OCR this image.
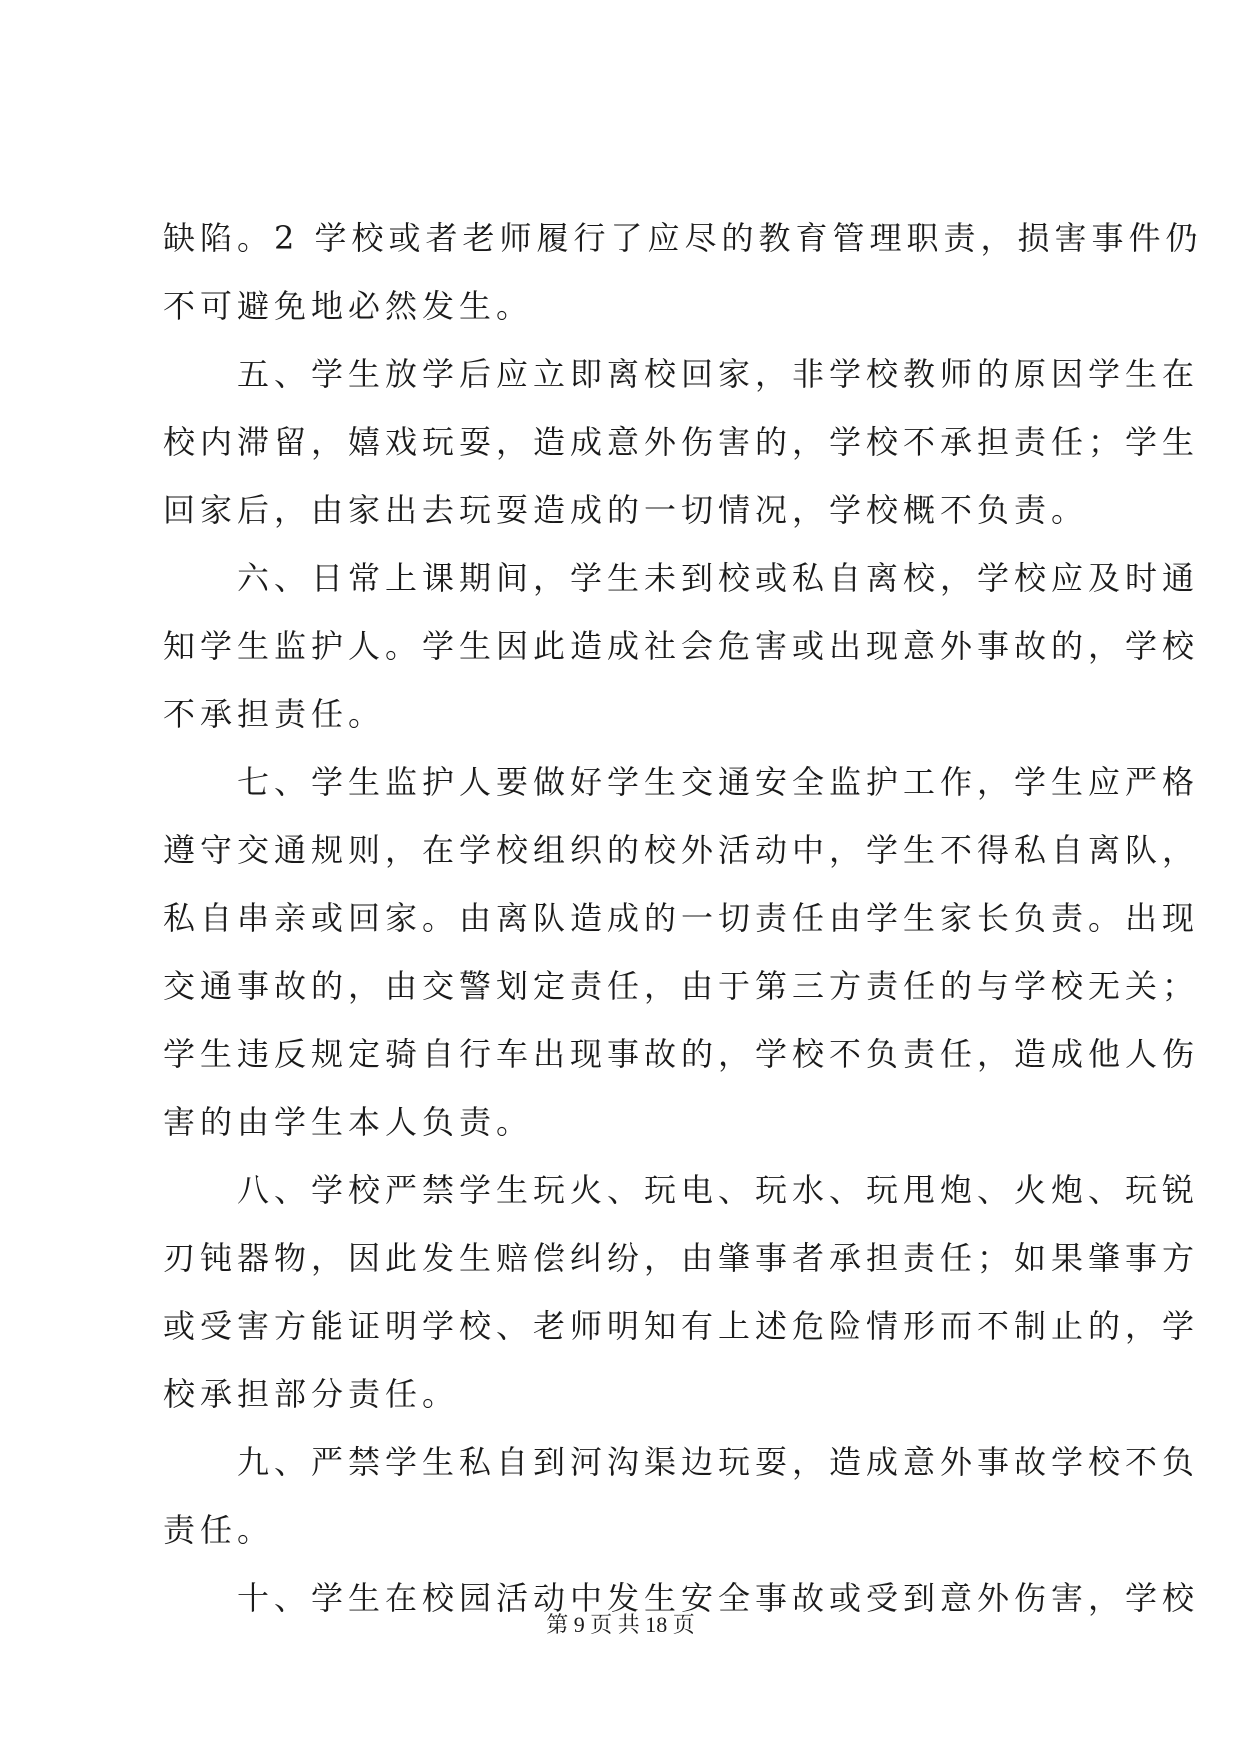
缺陷。2 学校或者老师履行了应尽的教育管理职责，损害事件仍
不可避免地必然发生。
　　五、学生放学后应立即离校回家，非学校教师的原因学生在
校内滞留，嬉戏玩耍，造成意外伤害的，学校不承担责任；学生
回家后，由家出去玩耍造成的一切情况，学校概不负责。
　　六、日常上课期间，学生未到校或私自离校，学校应及时通
知学生监护人。学生因此造成社会危害或出现意外事故的，学校
不承担责任。
　　七、学生监护人要做好学生交通安全监护工作，学生应严格
遵守交通规则，在学校组织的校外活动中，学生不得私自离队，
私自串亲或回家。由离队造成的一切责任由学生家长负责。出现
交通事故的，由交警划定责任，由于第三方责任的与学校无关；
学生违反规定骑自行车出现事故的，学校不负责任，造成他人伤
害的由学生本人负责。
　　八、学校严禁学生玩火、玩电、玩水、玩甩炮、火炮、玩锐
刃钝器物，因此发生赔偿纠纷，由肇事者承担责任；如果肇事方
或受害方能证明学校、老师明知有上述危险情形而不制止的，学
校承担部分责任。
　　九、严禁学生私自到河沟渠边玩耍，造成意外事故学校不负
责任。
　　十、学生在校园活动中发生安全事故或受到意外伤害，学校
第 9 页 共 18 页
